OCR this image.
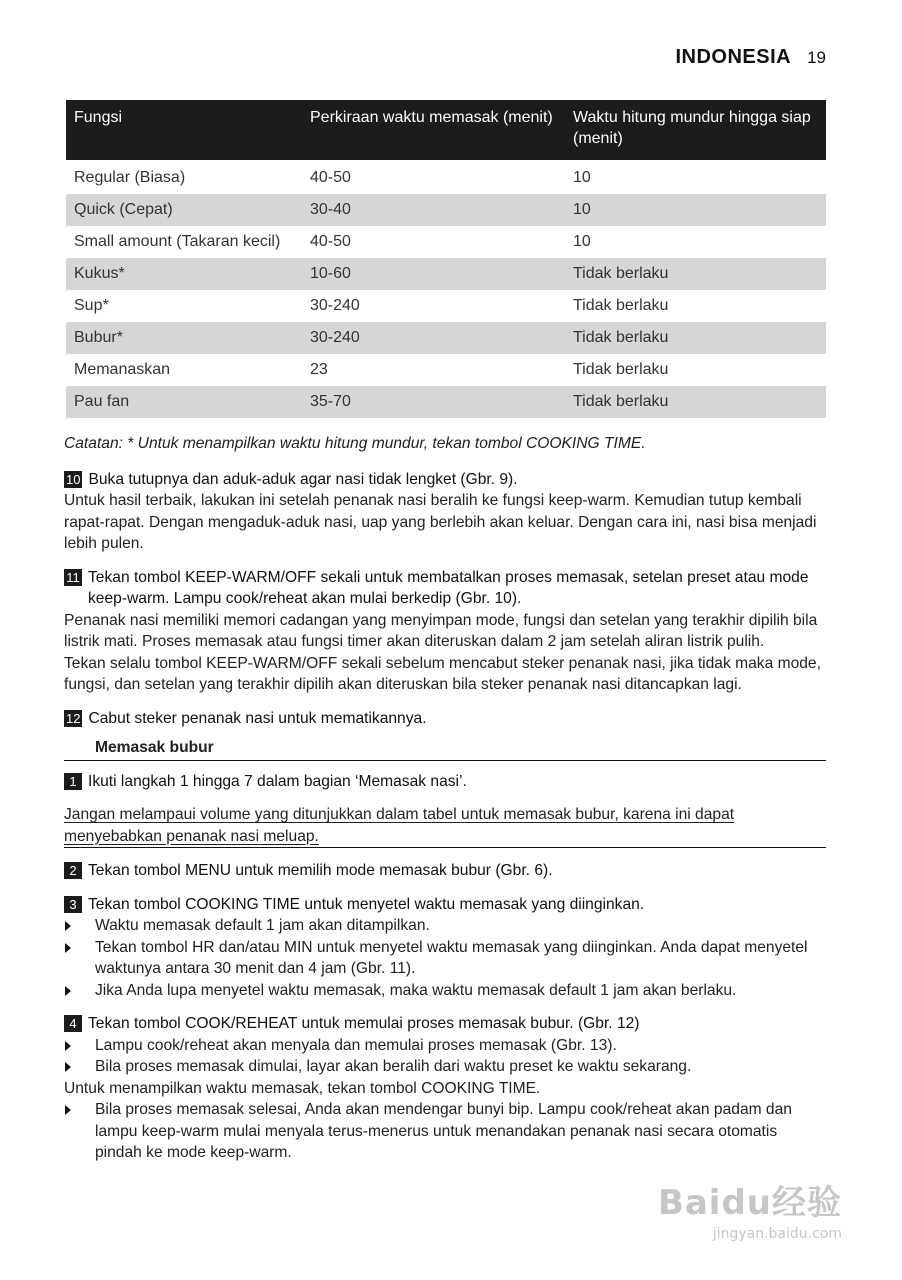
INDONESIA 19
Fungsi	Perkiraan waktu memasak (menit)	Waktu hitung mundur hingga siap (menit)
Regular (Biasa)	40-50	10
Quick (Cepat)	30-40	10
Small amount (Takaran kecil)	40-50	10
Kukus*	10-60	Tidak berlaku
Sup*	30-240	Tidak berlaku
Bubur*	30-240	Tidak berlaku
Memanaskan	23	Tidak berlaku
Pau fan	35-70	Tidak berlaku
Catatan: * Untuk menampilkan waktu hitung mundur, tekan tombol COOKING TIME.
10 Buka tutupnya dan aduk-aduk agar nasi tidak lengket (Gbr. 9).

Untuk hasil terbaik, lakukan ini setelah penanak nasi beralih ke fungsi keep-warm. Kemudian tutup kembali rapat-rapat. Dengan mengaduk-aduk nasi, uap yang berlebih akan keluar. Dengan cara ini, nasi bisa menjadi lebih pulen.

11 Tekan tombol KEEP-WARM/OFF sekali untuk membatalkan proses memasak, setelan preset atau mode keep-warm. Lampu cook/reheat akan mulai berkedip (Gbr. 10).

Penanak nasi memiliki memori cadangan yang menyimpan mode, fungsi dan setelan yang terakhir dipilih bila listrik mati. Proses memasak atau fungsi timer akan diteruskan dalam 2 jam setelah aliran listrik pulih.

Tekan selalu tombol KEEP-WARM/OFF sekali sebelum mencabut steker penanak nasi, jika tidak maka mode, fungsi, dan setelan yang terakhir dipilih akan diteruskan bila steker penanak nasi ditancapkan lagi.

12 Cabut steker penanak nasi untuk mematikannya.
Memasak bubur
1 Ikuti langkah 1 hingga 7 dalam bagian ‘Memasak nasi’.
Jangan melampaui volume yang ditunjukkan dalam tabel untuk memasak bubur, karena ini dapat
menyebabkan penanak nasi meluap.
2 Tekan tombol MENU untuk memilih mode memasak bubur (Gbr. 6).
3 Tekan tombol COOKING TIME untuk menyetel waktu memasak yang diinginkan.
Waktu memasak default 1 jam akan ditampilkan.
Tekan tombol HR dan/atau MIN untuk menyetel waktu memasak yang diinginkan. Anda dapat menyetel waktunya antara 30 menit dan 4 jam (Gbr. 11).
Jika Anda lupa menyetel waktu memasak, maka waktu memasak default 1 jam akan berlaku.
4 Tekan tombol COOK/REHEAT untuk memulai proses memasak bubur. (Gbr. 12)
Lampu cook/reheat akan menyala dan memulai proses memasak (Gbr. 13).
Bila proses memasak dimulai, layar akan beralih dari waktu preset ke waktu sekarang.

Untuk menampilkan waktu memasak, tekan tombol COOKING TIME.

Bila proses memasak selesai, Anda akan mendengar bunyi bip. Lampu cook/reheat akan padam dan lampu keep-warm mulai menyala terus-menerus untuk menandakan penanak nasi secara otomatis pindah ke mode keep-warm.
Baidu经验
jingyan.baidu.com
